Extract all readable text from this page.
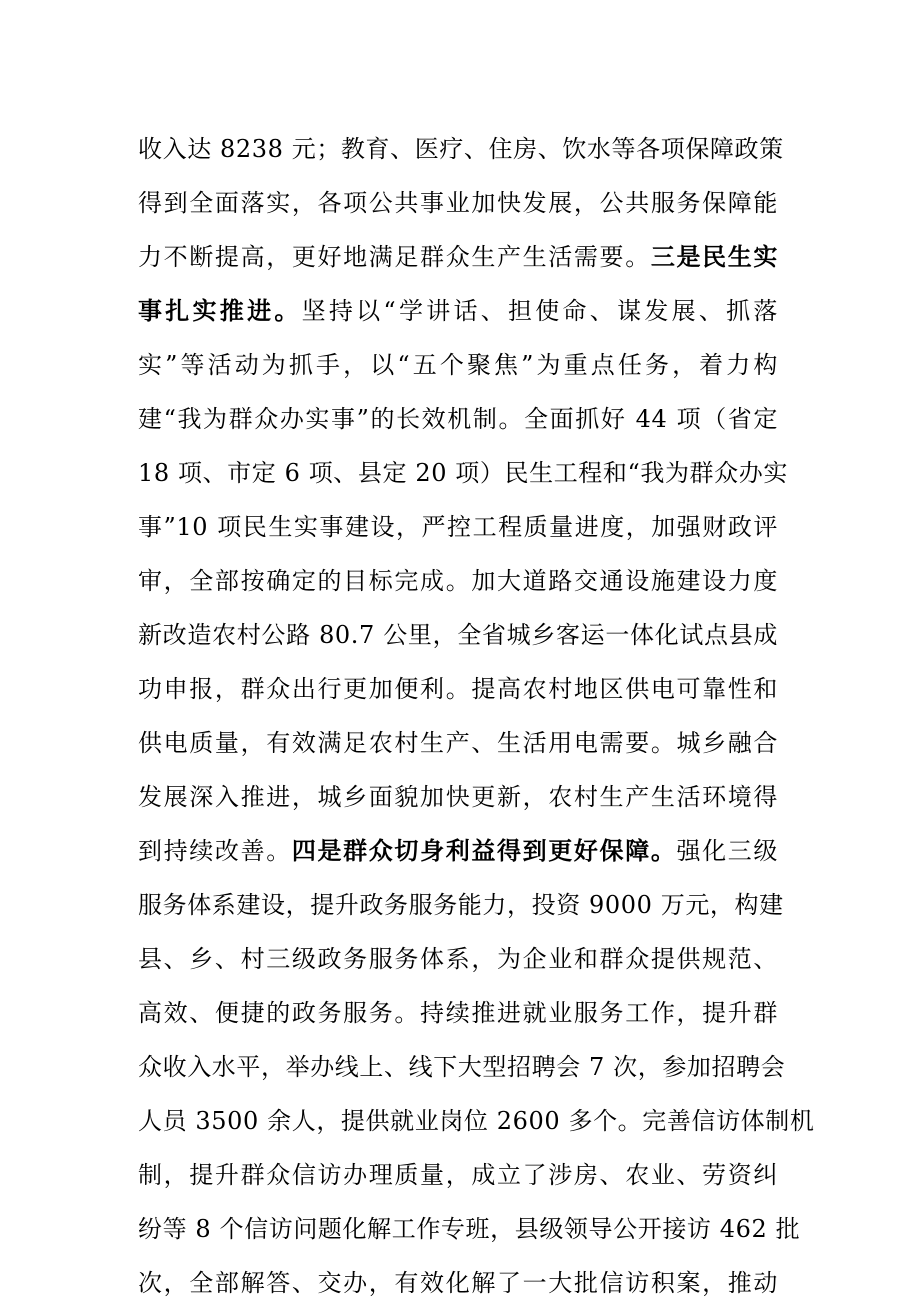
收入达 8238 元；教育、医疗、住房、饮水等各项保障政策
得到全面落实，各项公共事业加快发展，公共服务保障能
力不断提高，更好地满足群众生产生活需要。三是民生实
事扎实推进。坚持以“学讲话、担使命、谋发展、抓落
实”等活动为抓手，以“五个聚焦”为重点任务，着力构
建“我为群众办实事”的长效机制。全面抓好 44 项（省定
18 项、市定 6 项、县定 20 项）民生工程和“我为群众办实
事”10 项民生实事建设，严控工程质量进度，加强财政评
审，全部按确定的目标完成。加大道路交通设施建设力度
新改造农村公路 80.7 公里，全省城乡客运一体化试点县成
功申报，群众出行更加便利。提高农村地区供电可靠性和
供电质量，有效满足农村生产、生活用电需要。城乡融合
发展深入推进，城乡面貌加快更新，农村生产生活环境得
到持续改善。四是群众切身利益得到更好保障。强化三级
服务体系建设，提升政务服务能力，投资 9000 万元，构建
县、乡、村三级政务服务体系，为企业和群众提供规范、
高效、便捷的政务服务。持续推进就业服务工作，提升群
众收入水平，举办线上、线下大型招聘会 7 次，参加招聘会
人员 3500 余人，提供就业岗位 2600 多个。完善信访体制机
制，提升群众信访办理质量，成立了涉房、农业、劳资纠
纷等 8 个信访问题化解工作专班，县级领导公开接访 462 批
次，全部解答、交办，有效化解了一大批信访积案，推动
